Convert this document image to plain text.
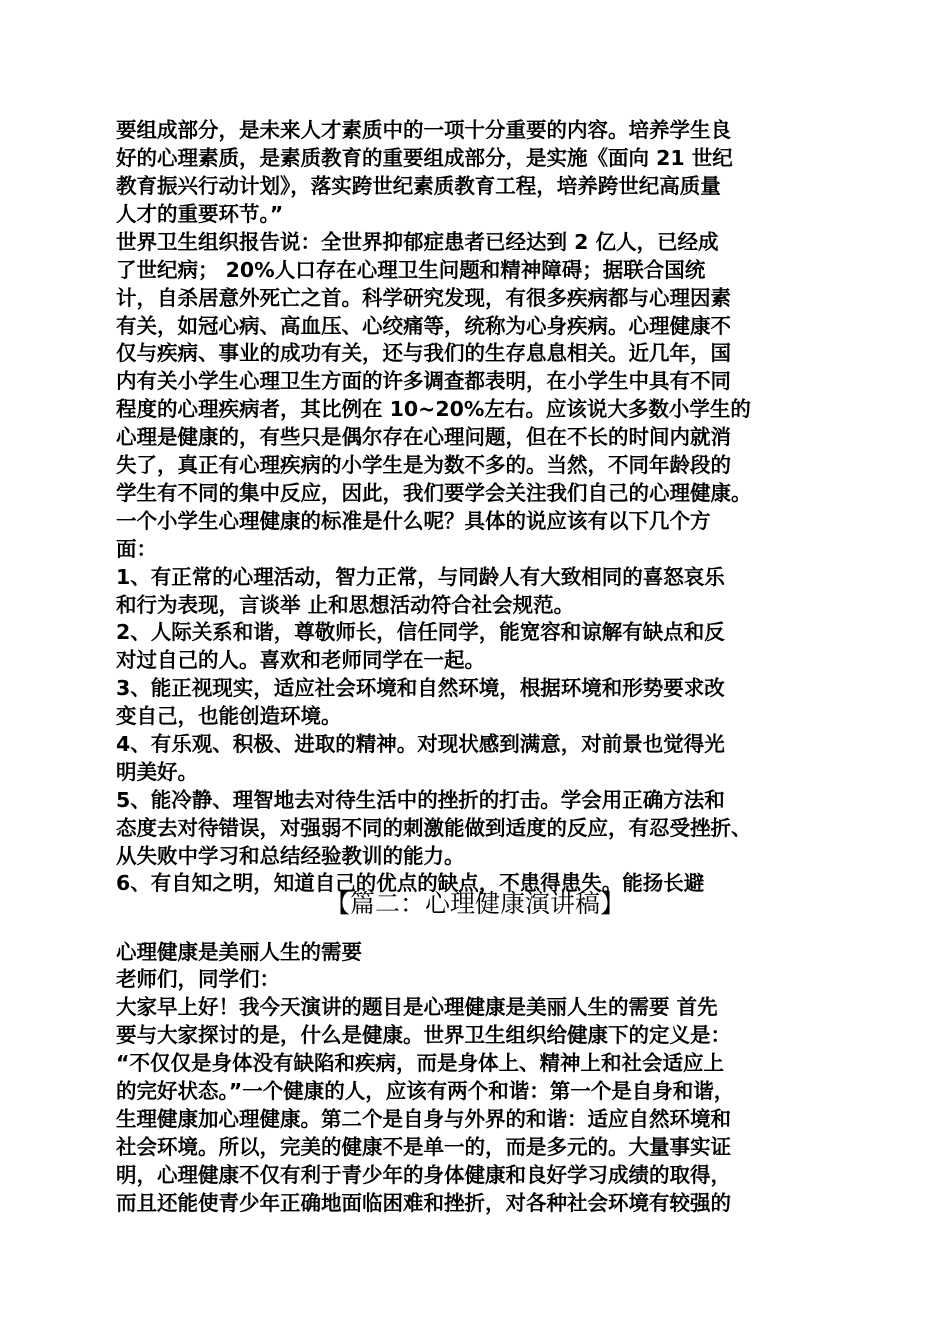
要组成部分，是未来人才素质中的一项十分重要的内容。培养学生良
好的心理素质，是素质教育的重要组成部分，是实施《面向 21 世纪
教育振兴行动计划》，落实跨世纪素质教育工程，培养跨世纪高质量
人才的重要环节。”
世界卫生组织报告说：全世界抑郁症患者已经达到 2 亿人，已经成
了世纪病； 20%人口存在心理卫生问题和精神障碍；据联合国统
计，自杀居意外死亡之首。科学研究发现，有很多疾病都与心理因素
有关，如冠心病、高血压、心绞痛等，统称为心身疾病。心理健康不
仅与疾病、事业的成功有关，还与我们的生存息息相关。近几年，国
内有关小学生心理卫生方面的许多调查都表明，在小学生中具有不同
程度的心理疾病者，其比例在 10~20%左右。应该说大多数小学生的
心理是健康的，有些只是偶尔存在心理问题，但在不长的时间内就消
失了，真正有心理疾病的小学生是为数不多的。当然，不同年龄段的
学生有不同的集中反应，因此，我们要学会关注我们自己的心理健康。
一个小学生心理健康的标准是什么呢？具体的说应该有以下几个方
面：
1、有正常的心理活动，智力正常，与同龄人有大致相同的喜怒哀乐
和行为表现，言谈举 止和思想活动符合社会规范。
2、人际关系和谐，尊敬师长，信任同学，能宽容和谅解有缺点和反
对过自己的人。喜欢和老师同学在一起。
3、能正视现实，适应社会环境和自然环境，根据环境和形势要求改
变自己，也能创造环境。
4、有乐观、积极、进取的精神。对现状感到满意，对前景也觉得光
明美好。
5、能冷静、理智地去对待生活中的挫折的打击。学会用正确方法和
态度去对待错误，对强弱不同的刺激能做到适度的反应，有忍受挫折、
从失败中学习和总结经验教训的能力。
6、有自知之明，知道自己的优点的缺点，不患得患失。能扬长避
【篇二：心理健康演讲稿】
心理健康是美丽人生的需要
老师们，同学们：
大家早上好！我今天演讲的题目是心理健康是美丽人生的需要 首先
要与大家探讨的是，什么是健康。世界卫生组织给健康下的定义是：
“不仅仅是身体没有缺陷和疾病，而是身体上、精神上和社会适应上
的完好状态。”一个健康的人，应该有两个和谐：第一个是自身和谐，
生理健康加心理健康。第二个是自身与外界的和谐：适应自然环境和
社会环境。所以，完美的健康不是单一的，而是多元的。大量事实证
明，心理健康不仅有利于青少年的身体健康和良好学习成绩的取得，
而且还能使青少年正确地面临困难和挫折，对各种社会环境有较强的
